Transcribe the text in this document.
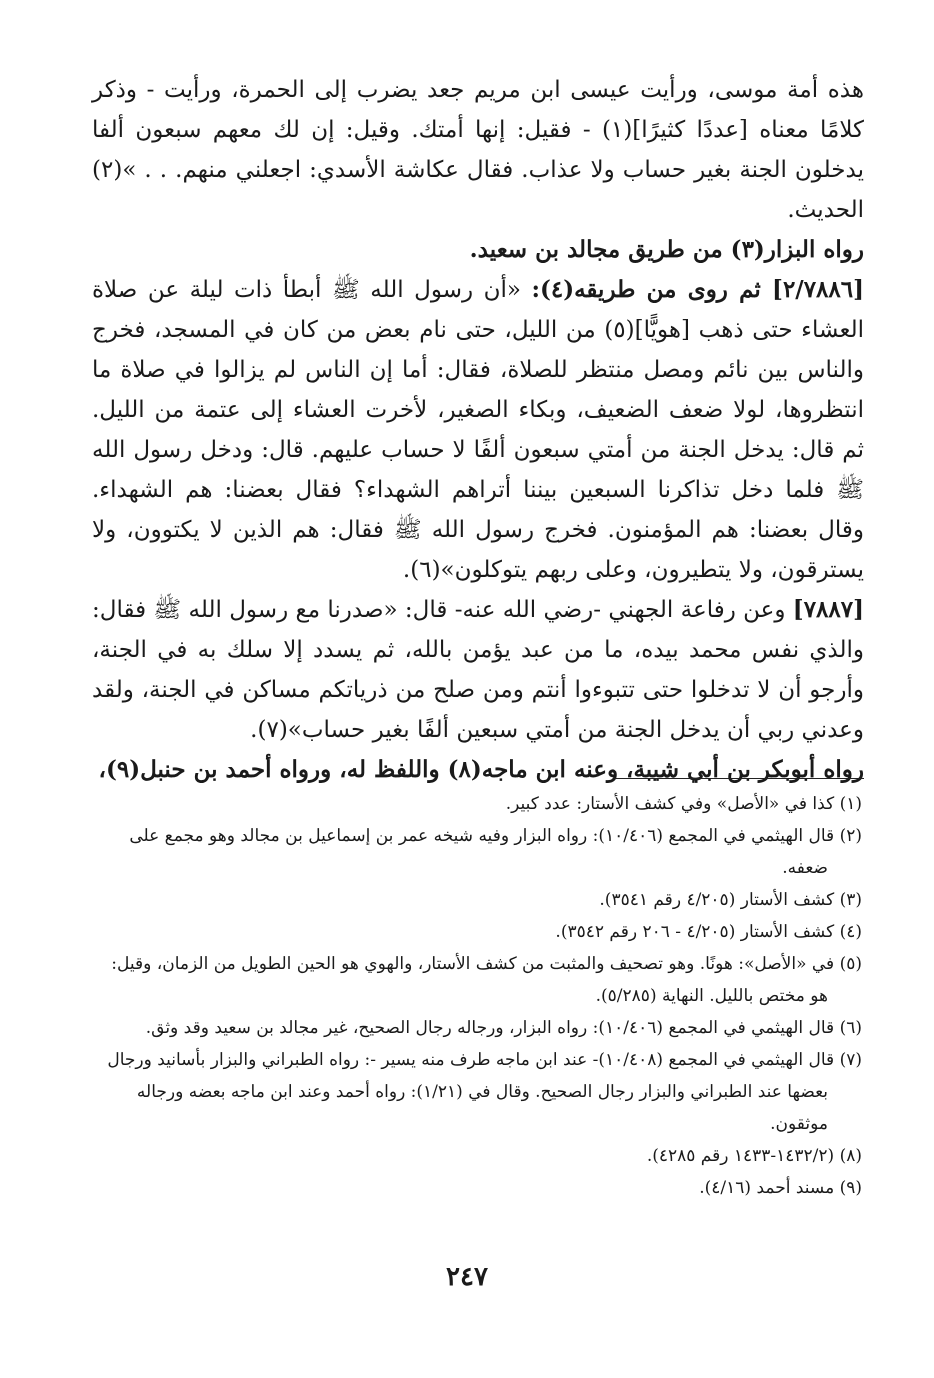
هذه أمة موسى، ورأيت عيسى ابن مريم جعد يضرب إلى الحمرة، ورأيت - وذكر كلامًا معناه [عددًا كثيرًا](١) - فقيل: إنها أمتك. وقيل: إن لك معهم سبعون ألفا يدخلون الجنة بغير حساب ولا عذاب. فقال عكاشة الأسدي: اجعلني منهم. . . »(٢) الحديث.

رواه البزار(٣) من طريق مجالد بن سعيد.

[٢/٧٨٨٦] ثم روى من طريقه(٤): «أن رسول الله ﷺ أبطأ ذات ليلة عن صلاة العشاء حتى ذهب [هويًّا](٥) من الليل، حتى نام بعض من كان في المسجد، فخرج والناس بين نائم ومصل منتظر للصلاة، فقال: أما إن الناس لم يزالوا في صلاة ما انتظروها، لولا ضعف الضعيف، وبكاء الصغير، لأخرت العشاء إلى عتمة من الليل. ثم قال: يدخل الجنة من أمتي سبعون ألفًا لا حساب عليهم. قال: ودخل رسول الله ﷺ فلما دخل تذاكرنا السبعين بيننا أتراهم الشهداء؟ فقال بعضنا: هم الشهداء. وقال بعضنا: هم المؤمنون. فخرج رسول الله ﷺ فقال: هم الذين لا يكتوون، ولا يسترقون، ولا يتطيرون، وعلى ربهم يتوكلون»(٦).

[٧٨٨٧] وعن رفاعة الجهني -رضي الله عنه- قال: «صدرنا مع رسول الله ﷺ فقال: والذي نفس محمد بيده، ما من عبد يؤمن بالله، ثم يسدد إلا سلك به في الجنة، وأرجو أن لا تدخلوا حتى تتبوءوا أنتم ومن صلح من ذرياتكم مساكن في الجنة، ولقد وعدني ربي أن يدخل الجنة من أمتي سبعين ألفًا بغير حساب»(٧).

رواه أبوبكر بن أبي شيبة، وعنه ابن ماجه(٨) واللفظ له، ورواه أحمد بن حنبل(٩)،

(١) كذا في «الأصل» وفي كشف الأستار: عدد كبير.

(٢) قال الهيثمي في المجمع (١٠/٤٠٦): رواه البزار وفيه شيخه عمر بن إسماعيل بن مجالد وهو مجمع على ضعفه.

(٣) كشف الأستار (٤/٢٠٥ رقم ٣٥٤١).

(٤) كشف الأستار (٤/٢٠٥ - ٢٠٦ رقم ٣٥٤٢).

(٥) في «الأصل»: هونًا. وهو تصحيف والمثبت من كشف الأستار، والهوي هو الحين الطويل من الزمان، وقيل: هو مختص بالليل. النهاية (٥/٢٨٥).

(٦) قال الهيثمي في المجمع (١٠/٤٠٦): رواه البزار، ورجاله رجال الصحيح، غير مجالد بن سعيد وقد وثق.

(٧) قال الهيثمي في المجمع (١٠/٤٠٨)- عند ابن ماجه طرف منه يسير -: رواه الطبراني والبزار بأسانيد ورجال بعضها عند الطبراني والبزار رجال الصحيح. وقال في (١/٢١): رواه أحمد وعند ابن ماجه بعضه ورجاله موثقون.

(٨) (١٤٣٢/٢-١٤٣٣ رقم ٤٢٨٥).

(٩) مسند أحمد (٤/١٦).

٢٤٧
